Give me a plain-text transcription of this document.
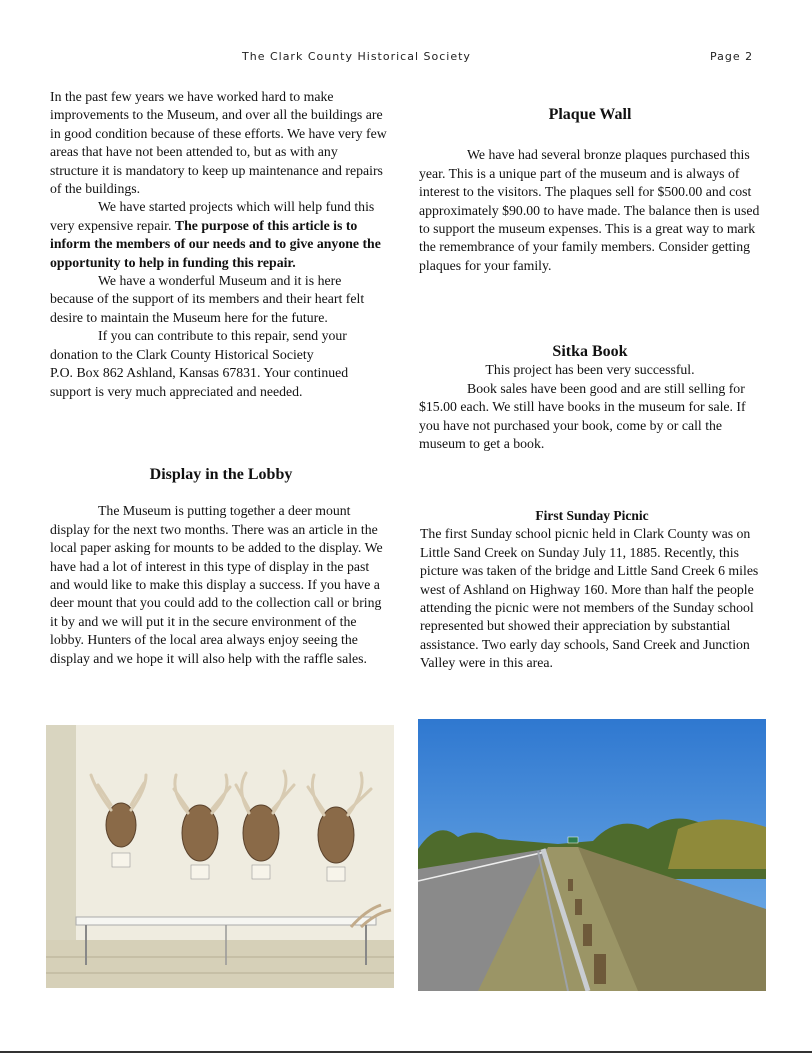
The Clark County Historical Society	Page 2

In the past few years we have worked hard to make improvements to the Museum, and over all the buildings are in good condition because of these efforts. We have very few areas that have not been attended to, but as with any structure it is mandatory to keep up maintenance and repairs of the buildings.

We have started projects which will help fund this very expensive repair. The purpose of this article is to inform the members of our needs and to give anyone the opportunity to help in funding this repair.

We have a wonderful Museum and it is here because of the support of its members and their heart felt desire to maintain the Museum here for the future.

If you can contribute to this repair, send your donation to the Clark County Historical Society

P.O. Box 862 Ashland, Kansas 67831. Your continued support is very much appreciated and needed.

Display in the Lobby

The Museum is putting together a deer mount display for the next two months. There was an article in the local paper asking for mounts to be added to the display. We have had a lot of interest in this type of display in the past and would like to make this display a success. If you have a deer mount that you could add to the collection call or bring it by and we will put it in the secure environment of the lobby. Hunters of the local area always enjoy seeing the display and we hope it will also help with the raffle sales.

Plaque Wall

We have had several bronze plaques purchased this year. This is a unique part of the museum and is always of interest to the visitors. The plaques sell for $500.00 and cost approximately $90.00 to have made. The balance then is used to support the museum expenses. This is a great way to mark the remembrance of your family members. Consider getting plaques for your family.

Sitka Book

This project has been very successful.

Book sales have been good and are still selling for $15.00 each. We still have books in the museum for sale. If you have not purchased your book, come by or call the museum to get a book.

First Sunday Picnic

The first Sunday school picnic held in Clark County was on Little Sand Creek on Sunday July 11, 1885. Recently, this picture was taken of the bridge and Little Sand Creek 6 miles west of Ashland on Highway 160. More than half the people attending the picnic were not members of the Sunday school represented but showed their appreciation by substantial assistance. Two early day schools, Sand Creek and Junction Valley were in this area.
